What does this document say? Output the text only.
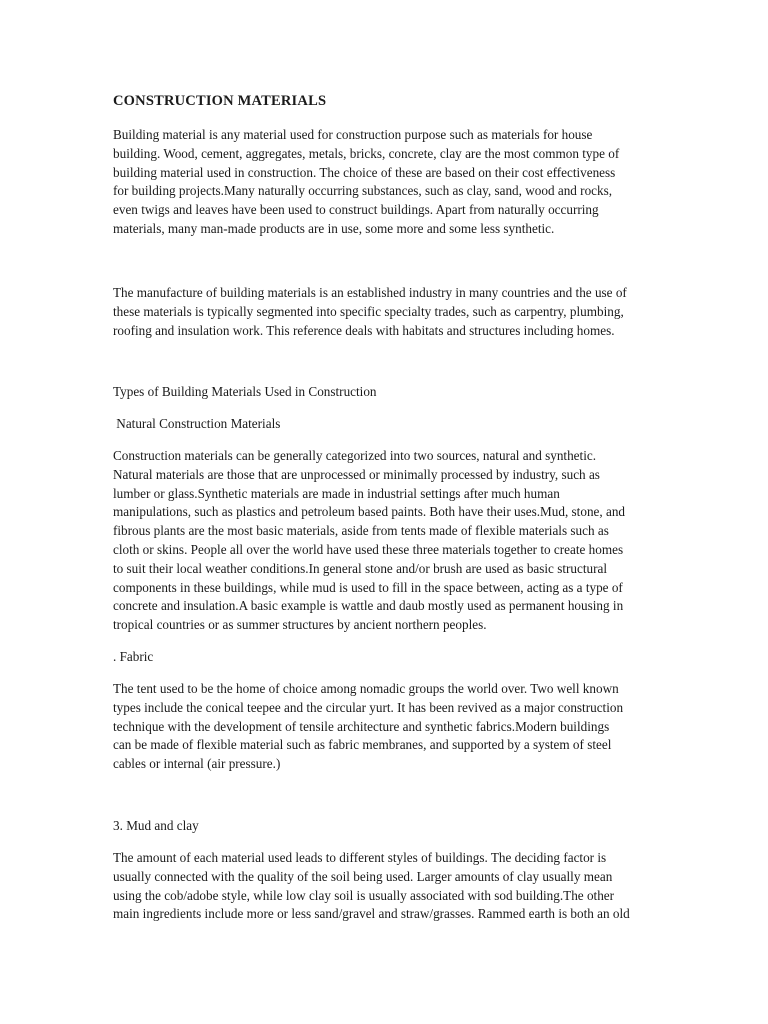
CONSTRUCTION MATERIALS
Building material is any material used for construction purpose such as materials for house
building. Wood, cement, aggregates, metals, bricks, concrete, clay are the most common type of
building material used in construction. The choice of these are based on their cost effectiveness
for building projects.Many naturally occurring substances, such as clay, sand, wood and rocks,
even twigs and leaves have been used to construct buildings. Apart from naturally occurring
materials, many man-made products are in use, some more and some less synthetic.
The manufacture of building materials is an established industry in many countries and the use of
these materials is typically segmented into specific specialty trades, such as carpentry, plumbing,
roofing and insulation work. This reference deals with habitats and structures including homes.
Types of Building Materials Used in Construction
Natural Construction Materials
Construction materials can be generally categorized into two sources, natural and synthetic.
Natural materials are those that are unprocessed or minimally processed by industry, such as
lumber or glass.Synthetic materials are made in industrial settings after much human
manipulations, such as plastics and petroleum based paints. Both have their uses.Mud, stone, and
fibrous plants are the most basic materials, aside from tents made of flexible materials such as
cloth or skins. People all over the world have used these three materials together to create homes
to suit their local weather conditions.In general stone and/or brush are used as basic structural
components in these buildings, while mud is used to fill in the space between, acting as a type of
concrete and insulation.A basic example is wattle and daub mostly used as permanent housing in
tropical countries or as summer structures by ancient northern peoples.
. Fabric
The tent used to be the home of choice among nomadic groups the world over. Two well known
types include the conical teepee and the circular yurt. It has been revived as a major construction
technique with the development of tensile architecture and synthetic fabrics.Modern buildings
can be made of flexible material such as fabric membranes, and supported by a system of steel
cables or internal (air pressure.)
3. Mud and clay
The amount of each material used leads to different styles of buildings. The deciding factor is
usually connected with the quality of the soil being used. Larger amounts of clay usually mean
using the cob/adobe style, while low clay soil is usually associated with sod building.The other
main ingredients include more or less sand/gravel and straw/grasses. Rammed earth is both an old
